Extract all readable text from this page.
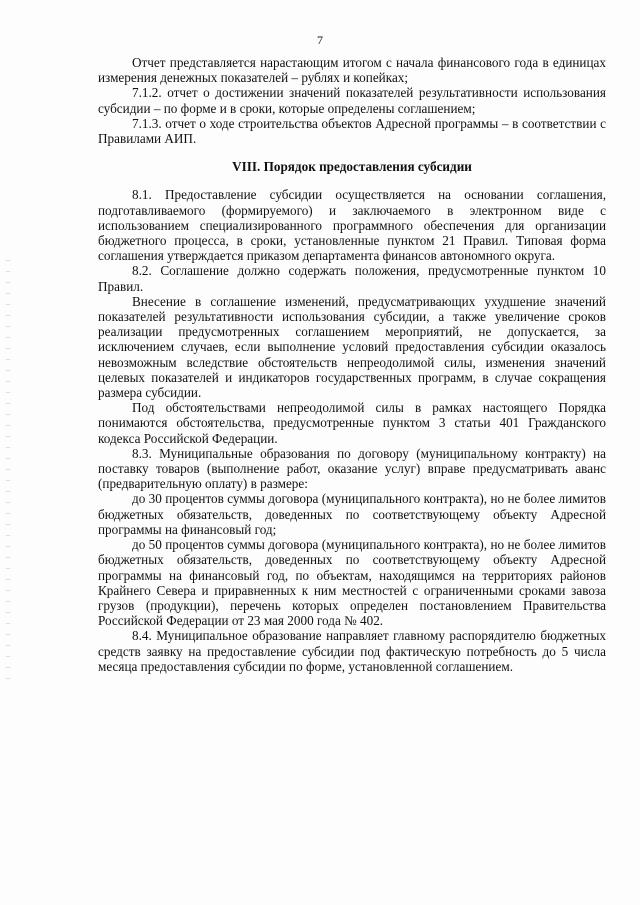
7

Отчет представляется нарастающим итогом с начала финансового года в единицах измерения денежных показателей – рублях и копейках;

7.1.2. отчет о достижении значений показателей результативности использования субсидии – по форме и в сроки, которые определены соглашением;

7.1.3. отчет о ходе строительства объектов Адресной программы – в соответствии с Правилами АИП.

VIII. Порядок предоставления субсидии

8.1. Предоставление субсидии осуществляется на основании соглашения, подготавливаемого (формируемого) и заключаемого в электронном виде с использованием специализированного программного обеспечения для организации бюджетного процесса, в сроки, установленные пунктом 21 Правил. Типовая форма соглашения утверждается приказом департамента финансов автономного округа.

8.2. Соглашение должно содержать положения, предусмотренные пунктом 10 Правил.

Внесение в соглашение изменений, предусматривающих ухудшение значений показателей результативности использования субсидии, а также увеличение сроков реализации предусмотренных соглашением мероприятий, не допускается, за исключением случаев, если выполнение условий предоставления субсидии оказалось невозможным вследствие обстоятельств непреодолимой силы, изменения значений целевых показателей и индикаторов государственных программ, в случае сокращения размера субсидии.

Под обстоятельствами непреодолимой силы в рамках настоящего Порядка понимаются обстоятельства, предусмотренные пунктом 3 статьи 401 Гражданского кодекса Российской Федерации.

8.3. Муниципальные образования по договору (муниципальному контракту) на поставку товаров (выполнение работ, оказание услуг) вправе предусматривать аванс (предварительную оплату) в размере:

до 30 процентов суммы договора (муниципального контракта), но не более лимитов бюджетных обязательств, доведенных по соответствующему объекту Адресной программы на финансовый год;

до 50 процентов суммы договора (муниципального контракта), но не более лимитов бюджетных обязательств, доведенных по соответствующему объекту Адресной программы на финансовый год, по объектам, находящимся на территориях районов Крайнего Севера и приравненных к ним местностей с ограниченными сроками завоза грузов (продукции), перечень которых определен постановлением Правительства Российской Федерации от 23 мая 2000 года № 402.

8.4. Муниципальное образование направляет главному распорядителю бюджетных средств заявку на предоставление субсидии под фактическую потребность до 5 числа месяца предоставления субсидии по форме, установленной соглашением.
